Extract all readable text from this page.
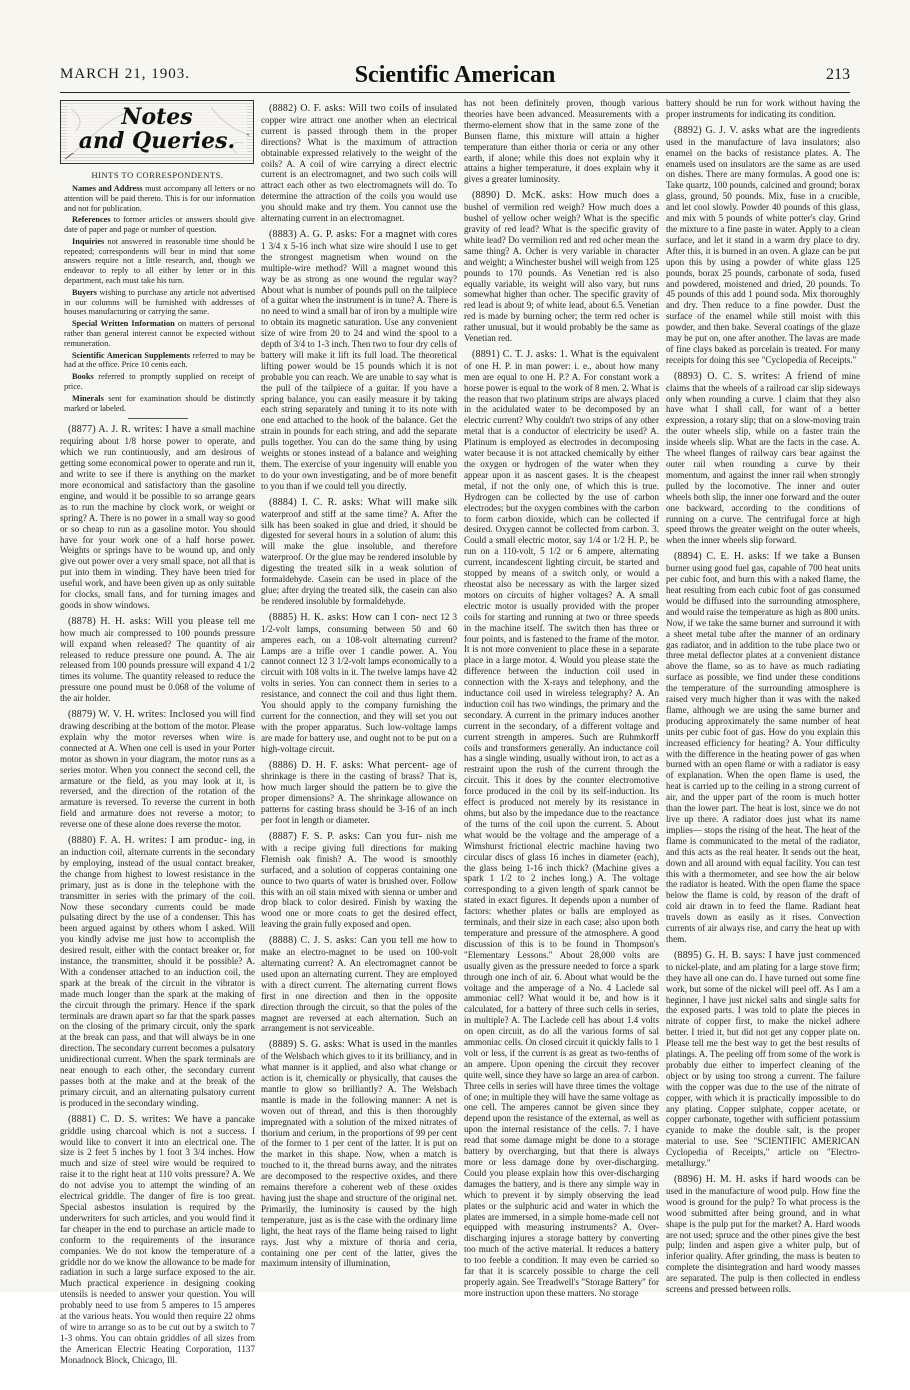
MARCH 21, 1903.	Scientific American	213
Notes
and Queries.
HINTS TO CORRESPONDENTS.

Names and Address must accompany all letters or no attention will be paid thereto. This is for our information and not for publication.

References to former articles or answers should give date of paper and page or number of question.

Inquiries not answered in reasonable time should be repeated; correspondents will bear in mind that some answers require not a little research, and, though we endeavor to reply to all either by letter or in this department, each must take his turn.

Buyers wishing to purchase any article not advertised in our columns will be furnished with addresses of houses manufacturing or carrying the same.

Special Written Information on matters of personal rather than general interest cannot be expected without remuneration.

Scientific American Supplements referred to may be had at the office. Price 10 cents each.

Books referred to promptly supplied on receipt of price.

Minerals sent for examination should be distinctly marked or labeled.

(8877) A. J. R. writes: I have a small machine requiring about 1/8 horse power to operate, and which we run continuously, and am desirous of getting some economical power to operate and run it, and write to see if there is anything on the market more economical and satisfactory than the gasoline engine, and would it be possible to so arrange gears as to run the machine by clock work, or weight or spring? A. There is no power in a small way so good or so cheap to run as a gasoline motor. You should have for your work one of a half horse power. Weights or springs have to be wound up, and only give out power over a very small space, not all that is put into them in winding. They have been tried for useful work, and have been given up as only suitable for clocks, small fans, and for turning images and goods in show windows.

(8878) H. H. asks: Will you please tell me how much air compressed to 100 pounds pressure will expand when released? The quantity of air released to reduce pressure one pound. A. The air released from 100 pounds pressure will expand 4 1/2 times its volume. The quantity released to reduce the pressure one pound must be 0.068 of the volume of the air holder.

(8879) W. V. H. writes: Inclosed you will find drawing describing at the bottom of the motor. Please explain why the motor reverses when wire is connected at A. When one cell is used in your Porter motor as shown in your diagram, the motor runs as a series motor. When you connect the second cell, the armature or the field, as you may look at it, is reversed, and the direction of the rotation of the armature is reversed. To reverse the current in both field and armature does not reverse a motor; to reverse one of these alone does reverse the motor.

(8880) F. A. H. writes: I am produc- ing, in an induction coil, alternate currents in the secondary by employing, instead of the usual contact breaker, the change from highest to lowest resistance in the primary, just as is done in the telephone with the transmitter in series with the primary of the coil. Now these secondary currents could be made pulsating direct by the use of a condenser. This has been argued against by others whom I asked. Will you kindly advise me just how to accomplish the desired result, either with the contact breaker or, for instance, the transmitter, should it be possible? A. With a condenser attached to an induction coil, the spark at the break of the circuit in the vibrator is made much longer than the spark at the making of the circuit through the primary. Hence if the spark terminals are drawn apart so far that the spark passes on the closing of the primary circuit, only the spark at the break can pass, and that will always be in one direction. The secondary current becomes a pulsatory unidirectional current. When the spark terminals are near enough to each other, the secondary current passes both at the make and at the break of the primary circuit, and an alternating pulsatory current is produced in the secondary winding.

(8881) C. D. S. writes: We have a pancake griddle using charcoal which is not a success. I would like to convert it into an electrical one. The size is 2 feet 5 inches by 1 foot 3 3/4 inches. How much and size of steel wire would be required to raise it to the right heat at 110 volts pressure? A. We do not advise you to attempt the winding of an electrical griddle. The danger of fire is too great. Special asbestos insulation is required by the underwriters for such articles, and you would find it far cheaper in the end to purchase an article made to conform to the requirements of the insurance companies. We do not know the temperature of a griddle nor do we know the allowance to be made for radiation in such a large surface exposed to the air. Much practical experience in designing cooking utensils is needed to answer your question. You will probably need to use from 5 amperes to 15 amperes at the various heats. You would then require 22 ohms of wire to arrange so as to be cut out by a switch to 7 1-3 ohms. You can obtain griddles of all sizes from the American Electric Heating Corporation, 1137 Monadnock Block, Chicago, Ill.

(8882) O. F. asks: Will two coils of insulated copper wire attract one another when an electrical current is passed through them in the proper directions? What is the maximum of attraction obtainable expressed relatively to the weight of the coils? A. A coil of wire carrying a direct electric current is an electromagnet, and two such coils will attract each other as two electromagnets will do. To determine the attraction of the coils you would use you should make and try them. You cannot use the alternating current in an electromagnet.

(8883) A. G. P. asks: For a magnet with cores 1 3/4 x 5-16 inch what size wire should I use to get the strongest magnetism when wound on the multiple-wire method? Will a magnet wound this way be as strong as one wound the regular way? About what is number of pounds pull on the tailpiece of a guitar when the instrument is in tune? A. There is no need to wind a small bar of iron by a multiple wire to obtain its magnetic saturation. Use any convenient size of wire from 20 to 24 and wind the spool to a depth of 3/4 to 1-3 inch. Then two to four dry cells of battery will make it lift its full load. The theoretical lifting power would be 15 pounds which it is not probable you can reach. We are unable to say what is the pull of the tailpiece of a guitar. If you have a spring balance, you can easily measure it by taking each string separately and tuning it to its note with one end attached to the hook of the balance. Get the strain in pounds for each string, and add the separate pulls together. You can do the same thing by using weights or stones instead of a balance and weighing them. The exercise of your ingenuity will enable you to do your own investigating, and be of more benefit to you than if we could tell you directly.

(8884) I. C. R. asks: What will make silk waterproof and stiff at the same time? A. After the silk has been soaked in glue and dried, it should be digested for several hours in a solution of alum: this will make the glue insoluble, and therefore waterproof. Or the glue may be rendered insoluble by digesting the treated silk in a weak solution of formaldehyde. Casein can be used in place of the glue; after drying the treated silk, the casein can also be rendered insoluble by formaldehyde.

(8885) H. K. asks: How can I con- nect 12 3 1/2-volt lamps, consuming between 50 and 60 amperes each, on a 108-volt alternating current? Lamps are a trifle over 1 candle power. A. You cannot connect 12 3 1/2-volt lamps economically to a circuit with 108 volts in it. The twelve lamps have 42 volts in series. You can connect them in series to a resistance, and connect the coil and thus light them. You should apply to the company furnishing the current for the connection, and they will set you out with the proper apparatus. Such low-voltage lamps are made for battery use, and ought not to be put on a high-voltage circuit.

(8886) D. H. F. asks: What percent- age of shrinkage is there in the casting of brass? That is, how much larger should the pattern be to give the proper dimensions? A. The shrinkage allowance on patterns for casting brass should be 3-16 of an inch per foot in length or diameter.

(8887) F. S. P. asks: Can you fur- nish me with a recipe giving full directions for making Flemish oak finish? A. The wood is smoothly surfaced, and a solution of copperas containing one ounce to two quarts of water is brushed over. Follow this with an oil stain mixed with sienna or umber and drop black to color desired. Finish by waxing the wood one or more coats to get the desired effect, leaving the grain fully exposed and open.

(8888) C. J. S. asks: Can you tell me how to make an electro-magnet to be used on 100-volt alternating current? A. An electromagnet cannot be used upon an alternating current. They are employed with a direct current. The alternating current flows first in one direction and then in the opposite direction through the circuit, so that the poles of the magnet are reversed at each alternation. Such an arrangement is not serviceable.

(8889) S. G. asks: What is used in the mantles of the Welsbach which gives to it its brilliancy, and in what manner is it applied, and also what change or action is it, chemically or physically, that causes the mantle to glow so brilliantly? A. The Welsbach mantle is made in the following manner: A net is woven out of thread, and this is then thoroughly impregnated with a solution of the mixed nitrates of thorium and cerium, in the proportions of 99 per cent of the former to 1 per cent of the latter. It is put on the market in this shape. Now, when a match is touched to it, the thread burns away, and the nitrates are decomposed to the respective oxides, and there remains therefore a coherent web of these oxides having just the shape and structure of the original net. Primarily, the luminosity is caused by the high temperature, just as is the case with the ordinary lime light, the heat rays of the flame being raised to light rays. Just why a mixture of thoria and ceria, containing one per cent of the latter, gives the maximum intensity of illumination,

has not been definitely proven, though various theories have been advanced. Measurements with a thermo-element show that in the same zone of the Bunsen flame, this mixture will attain a higher temperature than either thoria or ceria or any other earth, if alone; while this does not explain why it attains a higher temperature, it does explain why it gives a greater luminosity.

(8890) D. McK. asks: How much does a bushel of vermilion red weigh? How much does a bushel of yellow ocher weigh? What is the specific gravity of red lead? What is the specific gravity of white lead? Do vermilion red and red ocher mean the same thing? A. Ocher is very variable in character and weight; a Winchester bushel will weigh from 125 pounds to 170 pounds. As Venetian red is also equally variable, its weight will also vary, but runs somewhat higher than ocher. The specific gravity of red lead is about 9; of white lead, about 6.5. Venetian red is made by burning ocher; the term red ocher is rather unusual, but it would probably be the same as Venetian red.

(8891) C. T. J. asks: 1. What is the equivalent of one H. P. in man power: i. e., about how many men are equal to one H. P.? A. For constant work a horse power is equal to the work of 8 men. 2. What is the reason that two platinum strips are always placed in the acidulated water to be decomposed by an electric current? Why couldn't two strips of any other metal that is a conductor of electricity be used? A. Platinum is employed as electrodes in decomposing water because it is not attacked chemically by either the oxygen or hydrogen of the water when they appear upon it as nascent gases. It is the cheapest metal, if not the only one, of which this is true. Hydrogen can be collected by the use of carbon electrodes; but the oxygen combines with the carbon to form carbon dioxide, which can be collected if desired. Oxygen cannot be collected from carbon. 3. Could a small electric motor, say 1/4 or 1/2 H. P., be run on a 110-volt, 5 1/2 or 6 ampere, alternating current, incandescent lighting circuit, be started and stopped by means of a switch only, or would a rheostat also be necessary as with the larger sized motors on circuits of higher voltages? A. A small electric motor is usually provided with the proper coils for starting and running at two or three speeds in the machine itself. The switch then has three or four points, and is fastened to the frame of the motor. It is not more convenient to place these in a separate place in a large motor. 4. Would you please state the difference between the induction coil used in connection with the X-rays and telephony, and the inductance coil used in wireless telegraphy? A. An induction coil has two windings, the primary and the secondary. A current in the primary induces another current in the secondary, of a different voltage and current strength in amperes. Such are Ruhmkorff coils and transformers generally. An inductance coil has a single winding, usually without iron, to act as a restraint upon the rush of the current through the circuit. This it does by the counter electromotive force produced in the coil by its self-induction. Its effect is produced not merely by its resistance in ohms, but also by the impedance due to the reactance of the turns of the coil upon the current. 5. About what would be the voltage and the amperage of a Wimshurst frictional electric machine having two circular discs of glass 16 inches in diameter (each), the glass being 1-16 inch thick? (Machine gives a spark 1 1/2 to 2 inches long.) A. The voltage corresponding to a given length of spark cannot be stated in exact figures. It depends upon a number of factors: whether plates or balls are employed as terminals, and their size in each case; also upon both temperature and pressure of the atmosphere. A good discussion of this is to be found in Thompson's "Elementary Lessons." About 28,000 volts are usually given as the pressure needed to force a spark through one inch of air. 6. About what would be the voltage and the amperage of a No. 4 Laclede sal ammoniac cell? What would it be, and how is it calculated, for a battery of three such cells in series, in multiple? A. The Laclede cell has about 1.4 volts on open circuit, as do all the various forms of sal ammoniac cells. On closed circuit it quickly falls to 1 volt or less, if the current is as great as two-tenths of an ampere. Upon opening the circuit they recover quite well, since they have so large an area of carbon. Three cells in series will have three times the voltage of one; in multiple they will have the same voltage as one cell. The amperes cannot be given since they depend upon the resistance of the external, as well as upon the internal resistance of the cells. 7. I have read that some damage might be done to a storage battery by overcharging, but that there is always more or less damage done by over-discharging. Could you please explain how this over-discharging damages the battery, and is there any simple way in which to prevent it by simply observing the lead plates or the sulphuric acid and water in which the plates are immersed, in a simple home-made cell not equipped with measuring instruments? A. Over-discharging injures a storage battery by converting too much of the active material. It reduces a battery to too feeble a condition. It may even be carried so far that it is scarcely possible to charge the cell properly again. See Treadwell's "Storage Battery" for more instruction upon these matters. No storage

battery should be run for work without having the proper instruments for indicating its condition.

(8892) G. J. V. asks what are the ingredients used in the manufacture of lava insulators; also enamel on the backs of resistance plates. A. The enamels used on insulators are the same as are used on dishes. There are many formulas. A good one is: Take quartz, 100 pounds, calcined and ground; borax glass, ground, 50 pounds. Mix, fuse in a crucible, and let cool slowly. Powder 40 pounds of this glass, and mix with 5 pounds of white potter's clay. Grind the mixture to a fine paste in water. Apply to a clean surface, and let it stand in a warm dry place to dry. After this, it is burned in an oven. A glaze can be put upon this by using a powder of white glass 125 pounds, borax 25 pounds, carbonate of soda, fused and powdered, moistened and dried, 20 pounds. To 45 pounds of this add 1 pound soda. Mix thoroughly and dry. Then reduce to a fine powder. Dust the surface of the enamel while still moist with this powder, and then bake. Several coatings of the glaze may be put on, one after another. The lavas are made of fine clays baked as porcelain is treated. For many receipts for doing this see "Cyclopedia of Receipts."

(8893) O. C. S. writes: A friend of mine claims that the wheels of a railroad car slip sideways only when rounding a curve. I claim that they also have what I shall call, for want of a better expression, a rotary slip; that on a slow-moving train the outer wheels slip, while on a faster train the inside wheels slip. What are the facts in the case. A. The wheel flanges of railway cars bear against the outer rail when rounding a curve by their momentum, and against the inner rail when strongly pulled by the locomotive. The inner and outer wheels both slip, the inner one forward and the outer one backward, according to the conditions of running on a curve. The centrifugal force at high speed throws the greater weight on the outer wheels, when the inner wheels slip forward.

(8894) C. E. H. asks: If we take a Bunsen burner using good fuel gas, capable of 700 heat units per cubic foot, and burn this with a naked flame, the heat resulting from each cubic foot of gas consumed would be diffused into the surrounding atmosphere, and would raise the temperature as high as 800 units. Now, if we take the same burner and surround it with a sheet metal tube after the manner of an ordinary gas radiator, and in addition to the tube place two or three metal deflector plates at a convenient distance above the flame, so as to have as much radiating surface as possible, we find under these conditions the temperature of the surrounding atmosphere is raised very much higher than it was with the naked flame, although we are using the same burner and producing approximately the same number of heat units per cubic foot of gas. How do you explain this increased efficiency for heating? A. Your difficulty with the difference in the heating power of gas when burned with an open flame or with a radiator is easy of explanation. When the open flame is used, the heat is carried up to the ceiling in a strong current of air, and the upper part of the room is much hotter than the lower part. The heat is lost, since we do not live up there. A radiator does just what its name implies— stops the rising of the heat. The heat of the flame is communicated to the metal of the radiator, and this acts as the real heater. It sends out the heat, down and all around with equal facility. You can test this with a thermometer, and see how the air below the radiator is heated. With the open flame the space below the flame is cold, by reason of the draft of cold air drawn in to feed the flame. Radiant heat travels down as easily as it rises. Convection currents of air always rise, and carry the heat up with them.

(8895) G. H. B. says: I have just commenced to nickel-plate, and am plating for a large stove firm; they have all one can do. I have turned out some fine work, but some of the nickel will peel off. As I am a beginner, I have just nickel salts and single salts for the exposed parts. I was told to plate the pieces in nitrate of copper first, to make the nickel adhere better. I tried it, but did not get any copper plate on. Please tell me the best way to get the best results of platings. A. The peeling off from some of the work is probably due either to imperfect cleaning of the object or by using too strong a current. The failure with the copper was due to the use of the nitrate of copper, with which it is practically impossible to do any plating. Copper sulphate, copper acetate, or copper carbonate, together with sufficient potassium cyanide to make the double salt, is the proper material to use. See "SCIENTIFIC AMERICAN Cyclopedia of Receipts," article on "Electro-metallurgy."

(8896) H. M. H. asks if hard woods can be used in the manufacture of wood pulp. How fine the wood is ground for the pulp? To what process is the wood submitted after being ground, and in what shape is the pulp put for the market? A. Hard woods are not used; spruce and the other pines give the best pulp; linden and aspen give a whiter pulp, but of inferior quality. After grinding, the mass is beaten to complete the disintegration and hard woody masses are separated. The pulp is then collected in endless screens and pressed between rolls.
